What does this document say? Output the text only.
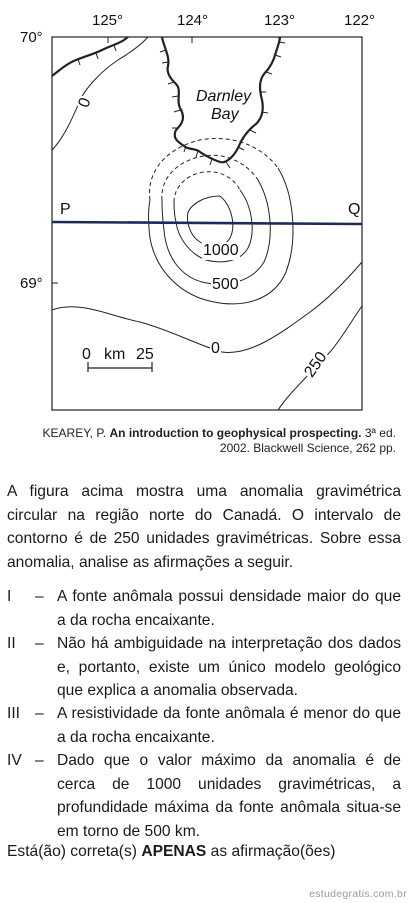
125°	124°	123°	122°
70°
69°
Darnley
Bay
P	Q
1000
500
0
0
250
0 km 25
KEAREY, P. An introduction to geophysical prospecting. 3ª ed.
2002. Blackwell Science, 262 pp.
A figura acima mostra uma anomalia gravimétrica circular na região norte do Canadá. O intervalo de contorno é de 250 unidades gravimétricas. Sobre essa anomalia, analise as afirmações a seguir.
I – A fonte anômala possui densidade maior do que a da rocha encaixante.
II – Não há ambiguidade na interpretação dos dados e, portanto, existe um único modelo geológico que explica a anomalia observada.
III – A resistividade da fonte anômala é menor do que a da rocha encaixante.
IV – Dado que o valor máximo da anomalia é de cerca de 1000 unidades gravimétricas, a profundidade máxima da fonte anômala situa-se em torno de 500 km.
Está(ão) correta(s) APENAS as afirmação(ões)
estudegratis.com.br
